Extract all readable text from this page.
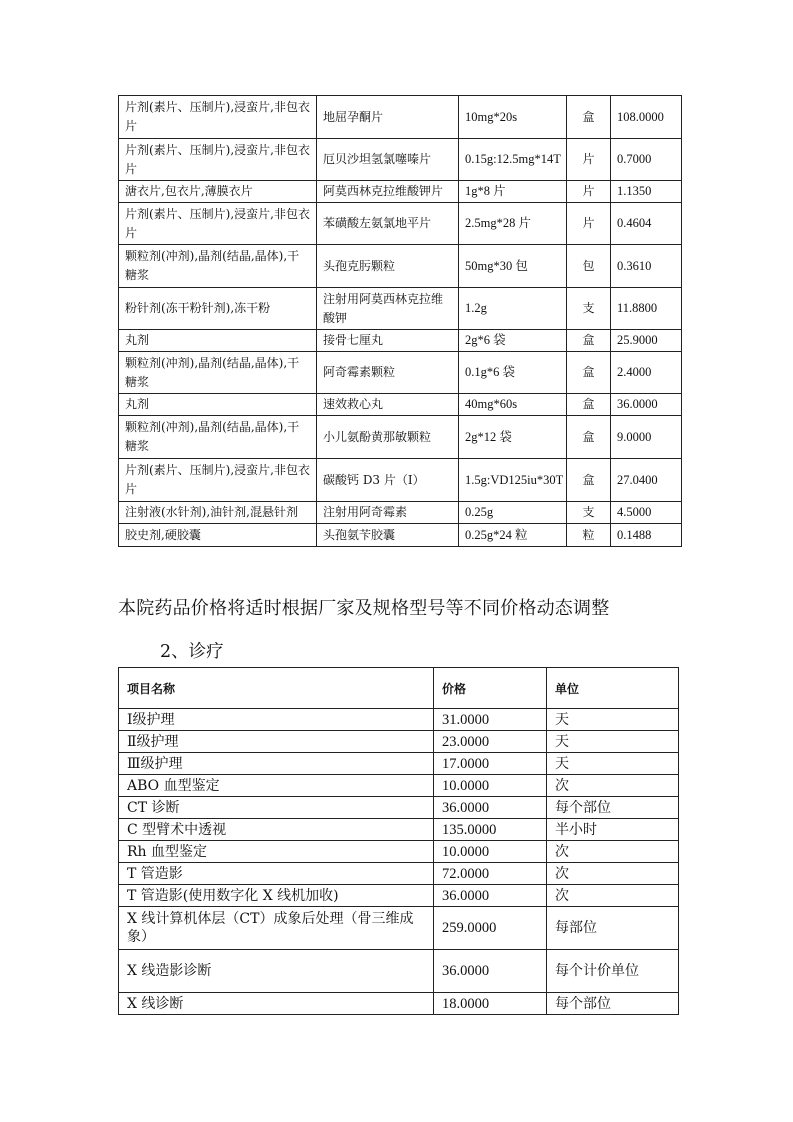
片剂(素片、压制片),浸蛮片,非包衣片	地屈孕酮片	10mg*20s	盒	108.0000
片剂(素片、压制片),浸蛮片,非包衣片	厄贝沙坦氢氯噻嗪片	0.15g:12.5mg*14T	片	0.7000
溏衣片,包衣片,薄膜衣片	阿莫西林克拉维酸钾片	1g*8 片	片	1.1350
片剂(素片、压制片),浸蛮片,非包衣片	苯磺酸左氨氯地平片	2.5mg*28 片	片	0.4604
颗粒剂(冲剂),晶剂(结晶,晶体),干糖浆	头孢克肟颗粒	50mg*30 包	包	0.3610
粉针剂(冻干粉针剂),冻干粉	注射用阿莫西林克拉维酸钾	1.2g	支	11.8800
丸剂	接骨七厘丸	2g*6 袋	盒	25.9000
颗粒剂(冲剂),晶剂(结晶,晶体),干糖浆	阿奇霉素颗粒	0.1g*6 袋	盒	2.4000
丸剂	速效救心丸	40mg*60s	盒	36.0000
颗粒剂(冲剂),晶剂(结晶,晶体),干糖浆	小儿氨酚黄那敏颗粒	2g*12 袋	盒	9.0000
片剂(素片、压制片),浸蛮片,非包衣片	碳酸钙 D3 片（I）	1.5g:VD125iu*30T	盒	27.0400
注射液(水针剂),油针剂,混悬针剂	注射用阿奇霉素	0.25g	支	4.5000
胶史剂,硬胶囊	头孢氨苄胶囊	0.25g*24 粒	粒	0.1488
本院药品价格将适时根据厂家及规格型号等不同价格动态调整
2、诊疗
项目名称	价格	单位
Ⅰ级护理	31.0000	天
Ⅱ级护理	23.0000	天
Ⅲ级护理	17.0000	天
ABO 血型鉴定	10.0000	次
CT 诊断	36.0000	每个部位
C 型臂术中透视	135.0000	半小时
Rh 血型鉴定	10.0000	次
T 管造影	72.0000	次
T 管造影(使用数字化 X 线机加收)	36.0000	次
X 线计算机体层（CT）成象后处理（骨三维成象）	259.0000	每部位
X 线造影诊断	36.0000	每个计价单位
X 线诊断	18.0000	每个部位
